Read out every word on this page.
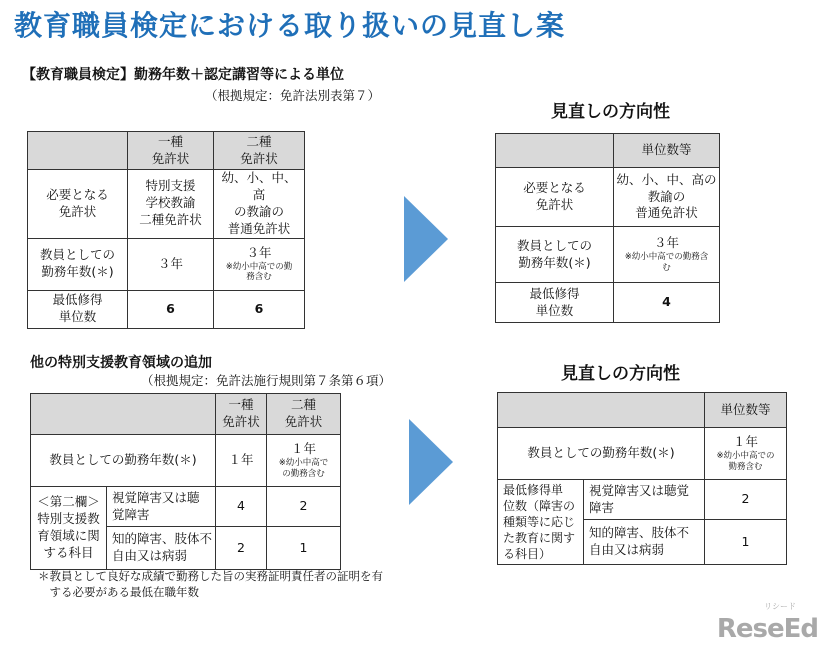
教育職員検定における取り扱いの見直し案
【教育職員検定】勤務年数＋認定講習等による単位
（根拠規定：免許法別表第７）

	一種
免許状	二種
免許状

必要となる
免許状	特別支援
学校教諭
二種免許状	幼、小、中、高
の教諭の
普通免許状

教員としての
勤務年数(＊)	３年	３年
※幼小中高での勤
務含む

最低修得
単位数	6	6
見直しの方向性
	単位数等

必要となる
免許状	幼、小、中、高の
教諭の
普通免許状

教員としての
勤務年数(＊)	３年
※幼小中高での勤務含
む

最低修得
単位数	4
他の特別支援教育領域の追加
（根拠規定：免許法施行規則第７条第６項）

		一種
免許状	二種
免許状

教員としての勤務年数(＊)		１年	１年
※幼小中高で
の勤務含む

＜第二欄＞
特別支援教
育領域に関
する科目	視覚障害又は聴
覚障害	4	2

	知的障害、肢体不
自由又は病弱	2	1
見直しの方向性
		単位数等
教員としての勤務年数(＊)		１年
※幼小中高での
勤務含む

最低修得単
位数（障害の
種類等に応じ
た教育に関す
る科目）	視覚障害又は聴覚
障害	2

	知的障害、肢体不
自由又は病弱	1
＊教員として良好な成績で勤務した旨の実務証明責任者の証明を有
　する必要がある最低在職年数
リシード
ReseEd
